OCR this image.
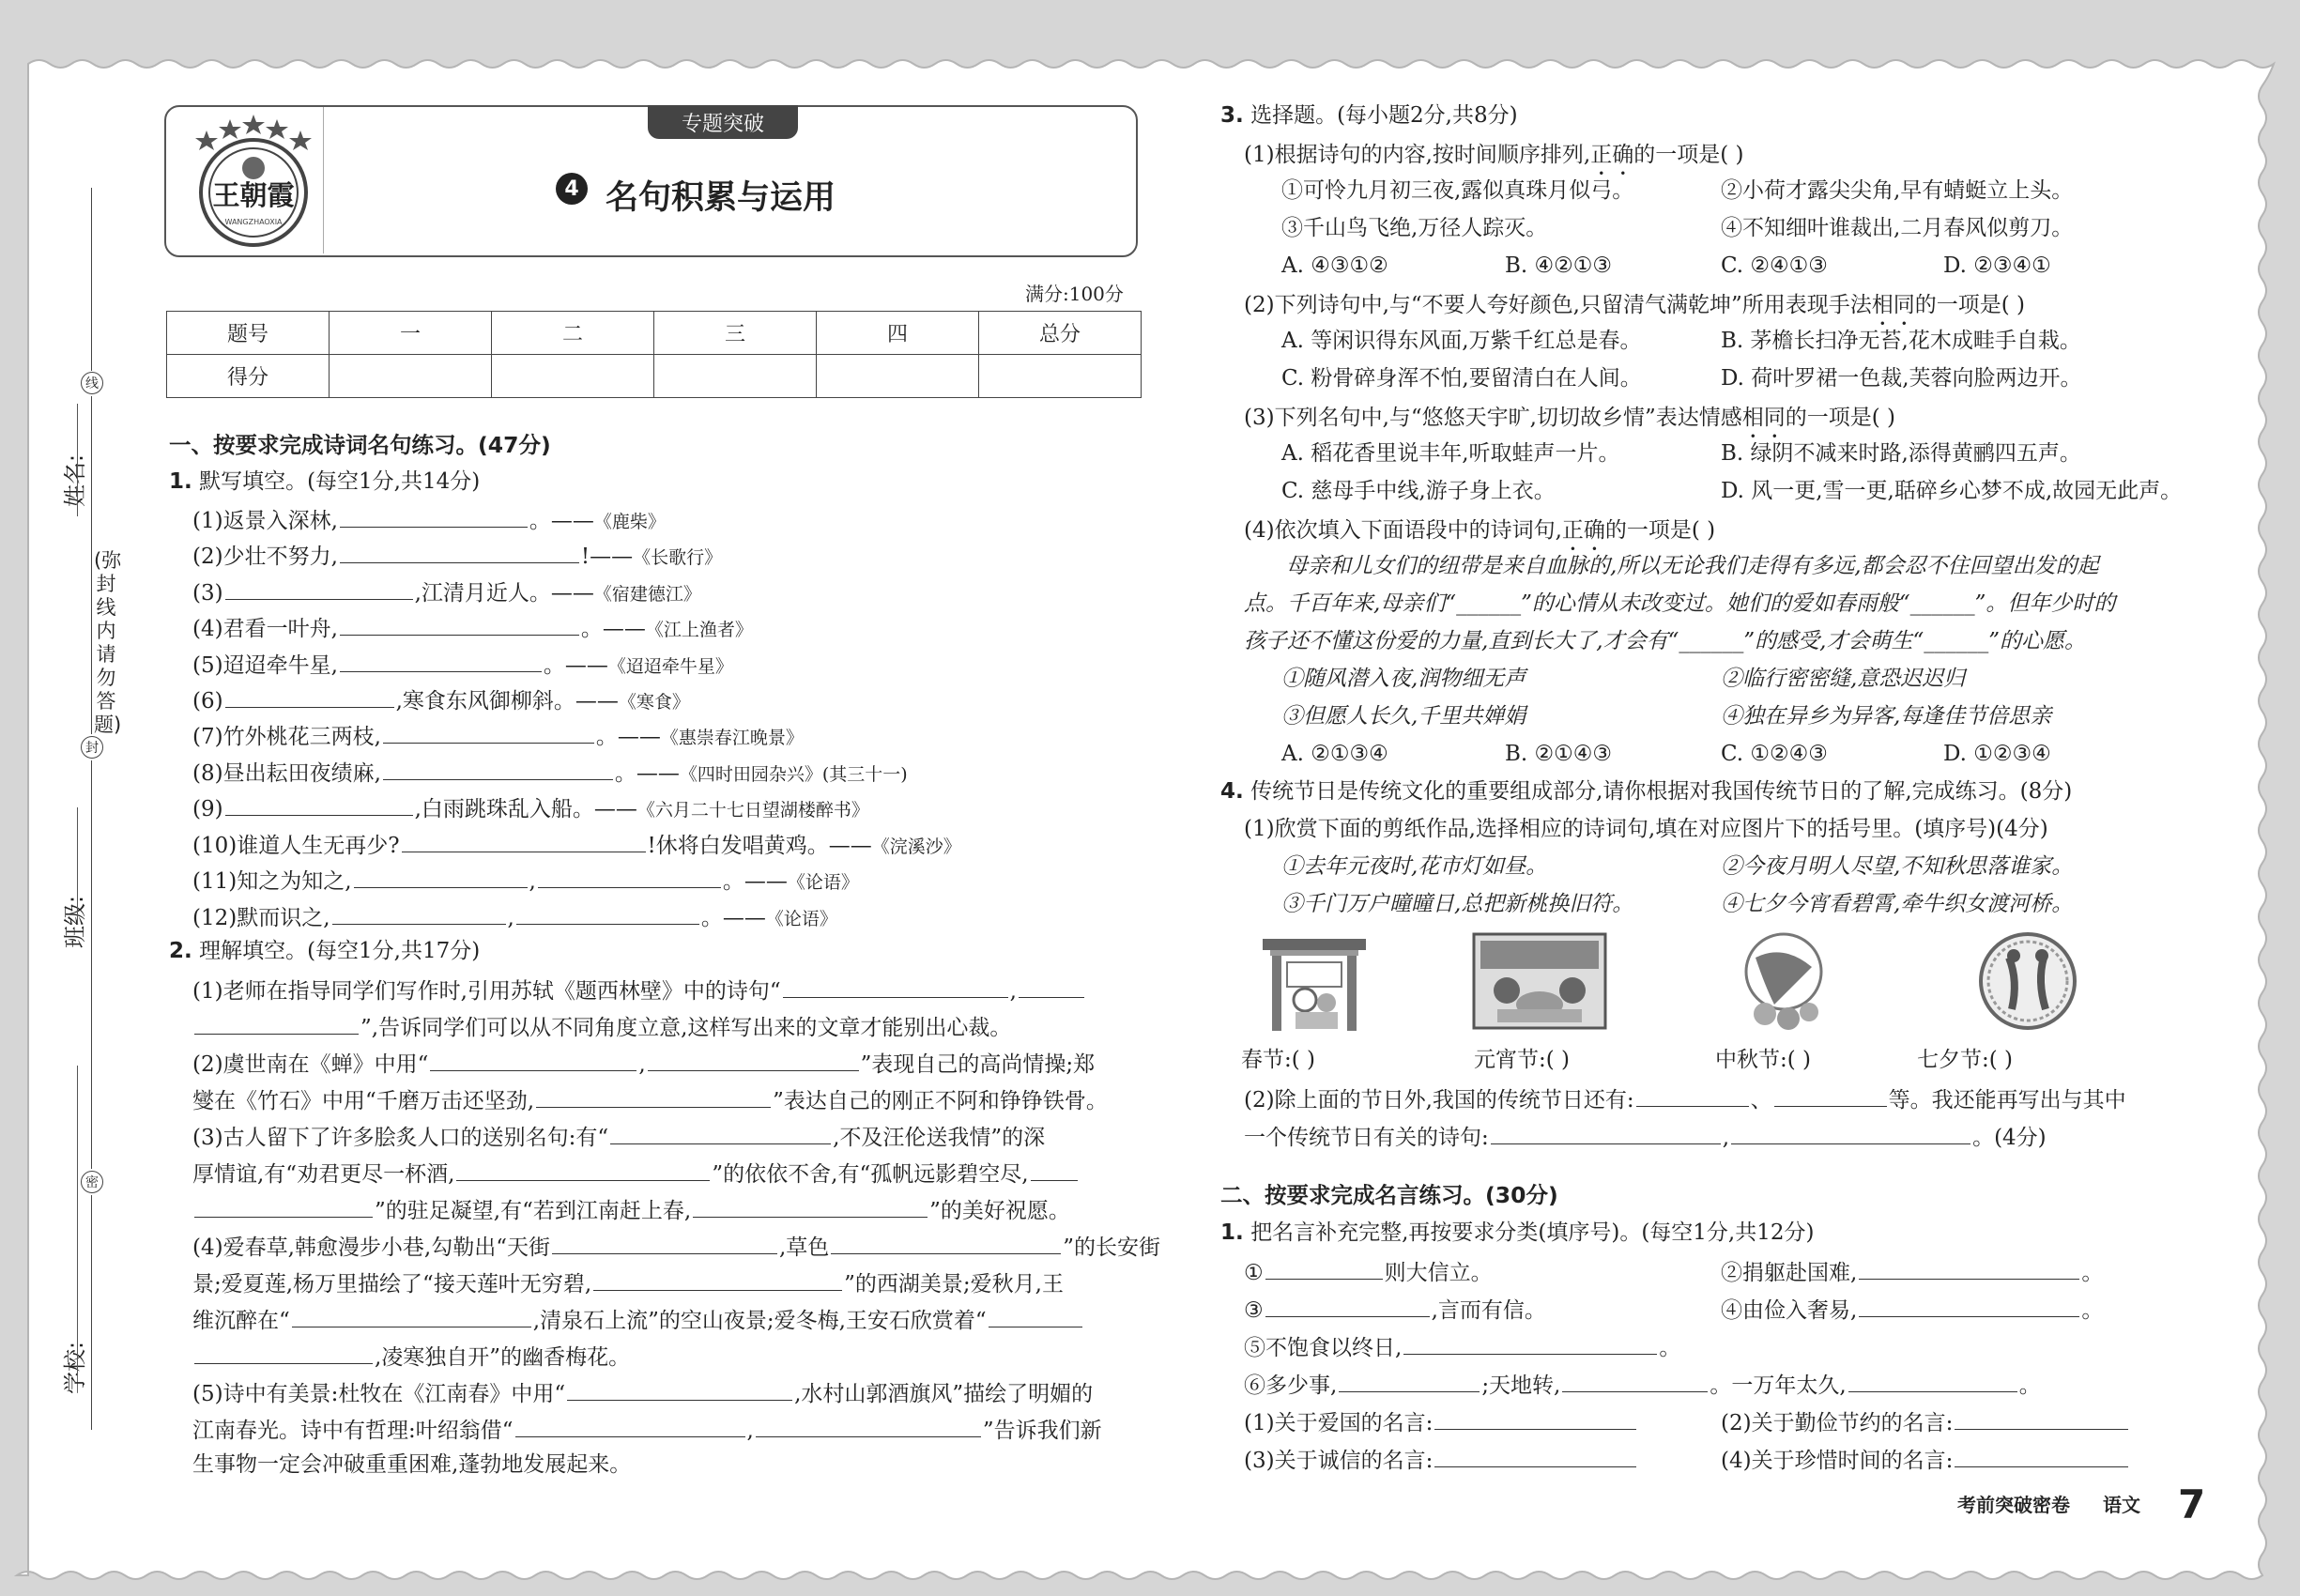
线
封
密
姓名:
班级:
学校:
(弥封线内请勿答题)
王朝霞
WANGZHAOXIA
专题突破
4 名句积累与运用
满分:100分
题号	一	二	三	四	总分
得分					
一、按要求完成诗词名句练习。(47分)
1. 默写填空。(每空1分,共14分)
(1)返景入深林,	。——《鹿柴》
(2)少壮不努力,	!——《长歌行》
(3)	,江清月近人。——《宿建德江》
(4)君看一叶舟,	。——《江上渔者》
(5)迢迢牵牛星,	。——《迢迢牵牛星》
(6)	,寒食东风御柳斜。——《寒食》
(7)竹外桃花三两枝,	。——《惠崇春江晚景》
(8)昼出耘田夜绩麻,	。——《四时田园杂兴》(其三十一)
(9)	,白雨跳珠乱入船。——《六月二十七日望湖楼醉书》
(10)谁道人生无再少?	!休将白发唱黄鸡。——《浣溪沙》
(11)知之为知之,	,	。——《论语》
(12)默而识之,	,	。——《论语》
2. 理解填空。(每空1分,共17分)
(1)老师在指导同学们写作时,引用苏轼《题西林壁》中的诗句“	,
”,告诉同学们可以从不同角度立意,这样写出来的文章才能别出心裁。
(2)虞世南在《蝉》中用“	,	”表现自己的高尚情操;郑
燮在《竹石》中用“千磨万击还坚劲,	”表达自己的刚正不阿和铮铮铁骨。
(3)古人留下了许多脍炙人口的送别名句:有“	,不及汪伦送我情”的深
厚情谊,有“劝君更尽一杯酒,	”的依依不舍,有“孤帆远影碧空尽,
”的驻足凝望,有“若到江南赶上春,	”的美好祝愿。
(4)爱春草,韩愈漫步小巷,勾勒出“天街	,草色	”的长安街
景;爱夏莲,杨万里描绘了“接天莲叶无穷碧,	”的西湖美景;爱秋月,王
维沉醉在“	,清泉石上流”的空山夜景;爱冬梅,王安石欣赏着“
,凌寒独自开”的幽香梅花。
(5)诗中有美景:杜牧在《江南春》中用“	,水村山郭酒旗风”描绘了明媚的
江南春光。诗中有哲理:叶绍翁借“	,	”告诉我们新
生事物一定会冲破重重困难,蓬勃地发展起来。
3. 选择题。(每小题2分,共8分)
(1)根据诗句的内容,按时间顺序排列,正确的一项是( )
①可怜九月初三夜,露似真珠月似弓。	②小荷才露尖尖角,早有蜻蜓立上头。
③千山鸟飞绝,万径人踪灭。	④不知细叶谁裁出,二月春风似剪刀。
A. ④③①②	B. ④②①③	C. ②④①③	D. ②③④①
(2)下列诗句中,与“不要人夸好颜色,只留清气满乾坤”所用表现手法相同的一项是( )
A. 等闲识得东风面,万紫千红总是春。	B. 茅檐长扫净无苔,花木成畦手自栽。
C. 粉骨碎身浑不怕,要留清白在人间。	D. 荷叶罗裙一色裁,芙蓉向脸两边开。
(3)下列名句中,与“悠悠天宇旷,切切故乡情”表达情感相同的一项是( )
A. 稻花香里说丰年,听取蛙声一片。	B. 绿阴不减来时路,添得黄鹂四五声。
C. 慈母手中线,游子身上衣。	D. 风一更,雪一更,聒碎乡心梦不成,故园无此声。
(4)依次填入下面语段中的诗词句,正确的一项是( )
母亲和儿女们的纽带是来自血脉的,所以无论我们走得有多远,都会忍不住回望出发的起
点。千百年来,母亲们“______”的心情从未改变过。她们的爱如春雨般“______”。但年少时的
孩子还不懂这份爱的力量,直到长大了,才会有“______”的感受,才会萌生“______”的心愿。
①随风潜入夜,润物细无声	②临行密密缝,意恐迟迟归
③但愿人长久,千里共婵娟	④独在异乡为异客,每逢佳节倍思亲
A. ②①③④	B. ②①④③	C. ①②④③	D. ①②③④
4. 传统节日是传统文化的重要组成部分,请你根据对我国传统节日的了解,完成练习。(8分)
(1)欣赏下面的剪纸作品,选择相应的诗词句,填在对应图片下的括号里。(填序号)(4分)
①去年元夜时,花市灯如昼。	②今夜月明人尽望,不知秋思落谁家。
③千门万户曈曈日,总把新桃换旧符。	④七夕今宵看碧霄,牵牛织女渡河桥。
春节:( )	元宵节:( )	中秋节:( )	七夕节:( )
(2)除上面的节日外,我国的传统节日还有:	、	等。我还能再写出与其中
一个传统节日有关的诗句:	,	。(4分)
二、按要求完成名言练习。(30分)
1. 把名言补充完整,再按要求分类(填序号)。(每空1分,共12分)
①	则大信立。	②捐躯赴国难,	。
③	,言而有信。	④由俭入奢易,	。
⑤不饱食以终日,	。
⑥多少事,	;天地转,	。一万年太久,	。
(1)关于爱国的名言:	(2)关于勤俭节约的名言:
(3)关于诚信的名言:	(4)关于珍惜时间的名言:
考前突破密卷 语文 7
